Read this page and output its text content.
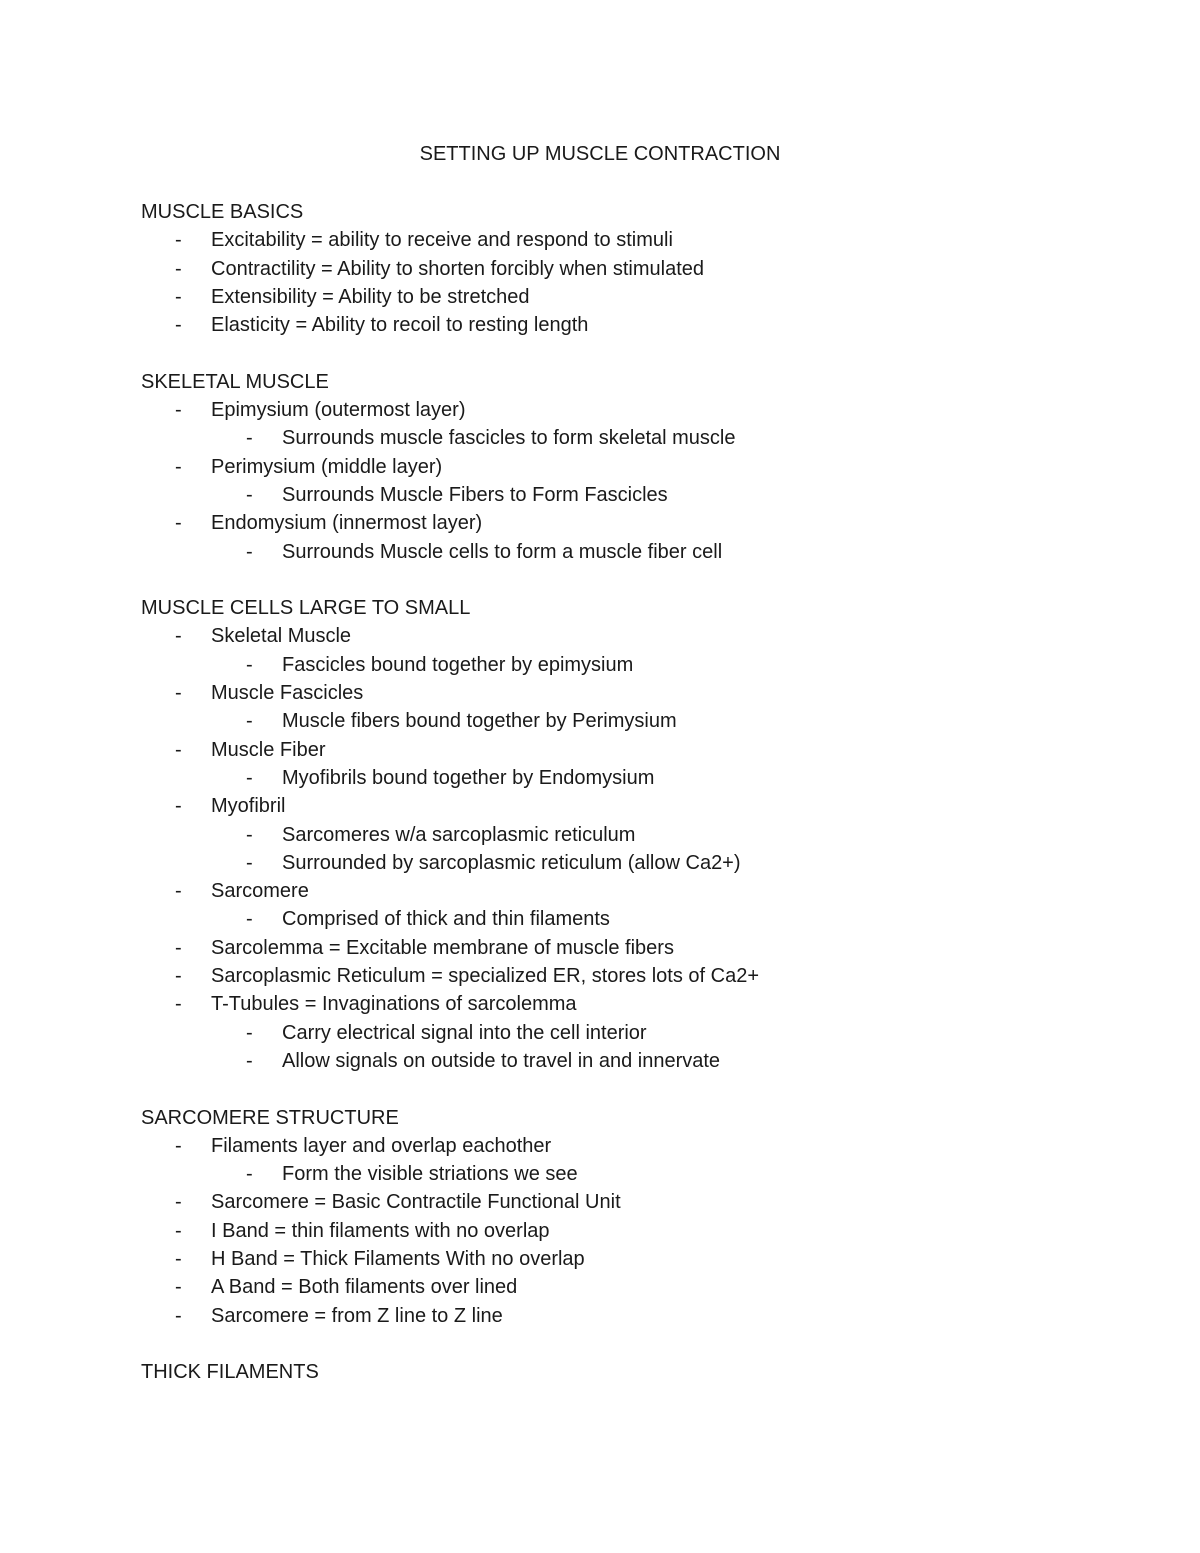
SETTING UP MUSCLE CONTRACTION
MUSCLE BASICS
- Excitability = ability to receive and respond to stimuli
- Contractility = Ability to shorten forcibly when stimulated
- Extensibility = Ability to be stretched
- Elasticity = Ability to recoil to resting length
SKELETAL MUSCLE
- Epimysium (outermost layer)
- Surrounds muscle fascicles to form skeletal muscle
- Perimysium (middle layer)
- Surrounds Muscle Fibers to Form Fascicles
- Endomysium (innermost layer)
- Surrounds Muscle cells to form a muscle fiber cell
MUSCLE CELLS LARGE TO SMALL
- Skeletal Muscle
- Fascicles bound together by epimysium
- Muscle Fascicles
- Muscle fibers bound together by Perimysium
- Muscle Fiber
- Myofibrils bound together by Endomysium
- Myofibril
- Sarcomeres w/a sarcoplasmic reticulum
- Surrounded by sarcoplasmic reticulum (allow Ca2+)
- Sarcomere
- Comprised of thick and thin filaments
- Sarcolemma = Excitable membrane of muscle fibers
- Sarcoplasmic Reticulum = specialized ER, stores lots of Ca2+
- T-Tubules = Invaginations of sarcolemma
- Carry electrical signal into the cell interior
- Allow signals on outside to travel in and innervate
SARCOMERE STRUCTURE
- Filaments layer and overlap eachother
- Form the visible striations we see
- Sarcomere = Basic Contractile Functional Unit
- I Band = thin filaments with no overlap
- H Band = Thick Filaments With no overlap
- A Band = Both filaments over lined
- Sarcomere = from Z line to Z line
THICK FILAMENTS
